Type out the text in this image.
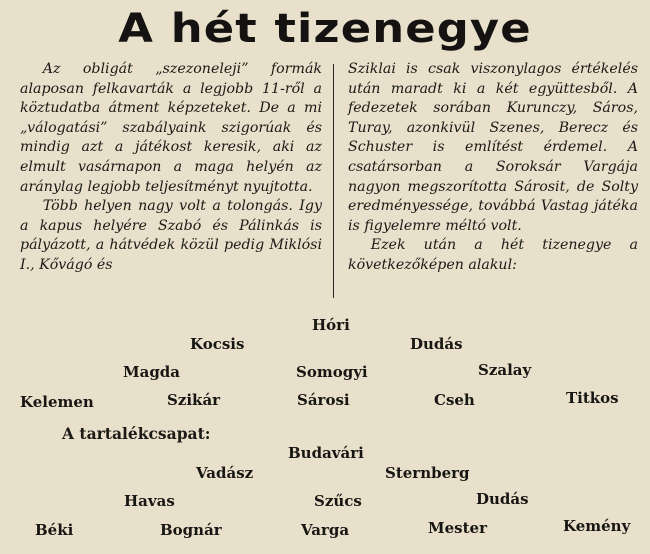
A hét tizenegye

Az obligát „szezoneleji” formák alaposan felkavarták a legjobb 11-ről a köztudatba átment képzeteket. De a mi „válogatási” szabályaink szigorúak és mindig azt a játékost keresik, aki az elmult vasárnapon a maga helyén az aránylag legjobb teljesítményt nyujtotta.

Több helyen nagy volt a tolongás. Igy a kapus helyére Szabó és Pálinkás is pályázott, a hátvédek közül pedig Miklósi I., Kővágó és

Sziklai is csak viszonylagos értékelés után maradt ki a két együttesből. A fedezetek sorában Kurunczy, Sáros, Turay, azonkivül Szenes, Berecz és Schuster is említést érdemel. A csatársorban a Soroksár Vargája nagyon megszorította Sárosit, de Solty eredményessége, továbbá Vastag játéka is figyelemre méltó volt.

Ezek után a hét tizenegye a következőképen alakul:

Hóri
Kocsis	Dudás
Magda	Somogyi	Szalay
Kelemen	Szikár	Sárosi	Cseh	Titkos
A tartalékcsapat:
Budavári
Vadász	Sternberg
Havas	Szűcs	Dudás
Béki	Bognár	Varga	Mester	Kemény
